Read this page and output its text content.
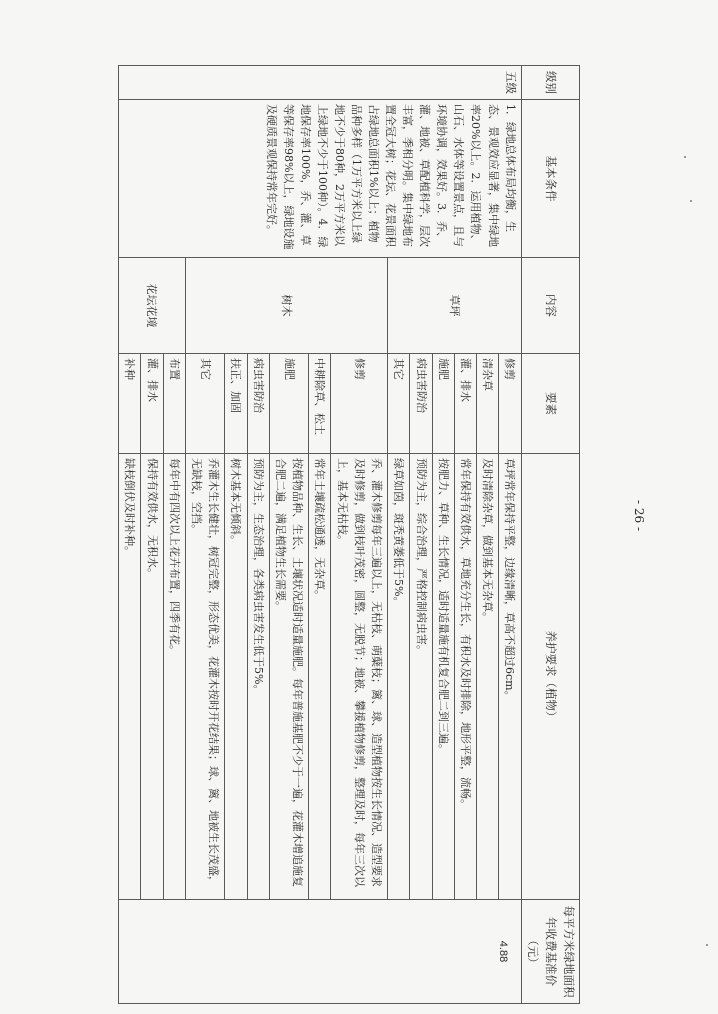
级别	基本条件	内容	要素	养护要求（植物）	每平方米绿地面积年收费基准价（元）
五级	1．绿地总体布局均衡，生态、景观效应显著，集中绿地率20%以上。2．运用植物、山石、水体等设置景点，且与环境协调，效果好。3．乔、灌、地被、草配植科学，层次丰富，季相分明。集中绿地布置全冠大树；花坛、花景面积占绿地总面积1%以上；植物品种多样（1万平方米以上绿地不少于80种，2万平方米以上绿地不少于100种）。4．绿地保存率100%，乔、灌、草等保存率98%以上，绿地设施及硬质景观保持常年完好。	草坪	修剪	草坪常年保持平整，边缘清晰，草高不超过6cm。	4.88
			清杂草	及时清除杂草，做到基本无杂草。	
			灌、排水	常年保持有效供水，草地充分生长，有积水及时排除，地形平整，流畅。	
			施肥	按肥力、草种、生长情况，适时适量施有机复合肥二到三遍。	
			病虫害防治	预防为主，综合治理，严格控制病虫害。	
			其它	绿草如茵，斑秃黄萎低于5%。	
		树木	修剪	乔、灌木修剪每年三遍以上，无枯枝、萌蘖枝；篱、球、造型植物按生长情况、造型要求及时修剪，做到枝叶茂密，圆整，无脱节；地被、攀援植物修剪，整理及时，每年三次以上，基本无枯枝。	
			中耕除草、松土	常年土壤疏松通透，无杂草。	
			施肥	按植物品种、生长、土壤状况适时适量施肥。每年普施基肥不少于一遍，花灌木增追施复合肥二遍，满足植物生长需要。	
			病虫害防治	预防为主，生态治理，各类病虫害发生低于5%。	
			扶正、加固	树木基本无倾斜。	
			其它	乔灌木生长健壮，树冠完整，形态优美，花灌木按时开花结果；球、篱、地被生长茂盛，无缺枝，空挡。	
		花坛花境	布置	每年中有四次以上花卉布置，四季有花。	
			灌、排水	保持有效供水，无积水。	
			补种	缺枝倒伏及时补种。		- 26 -
